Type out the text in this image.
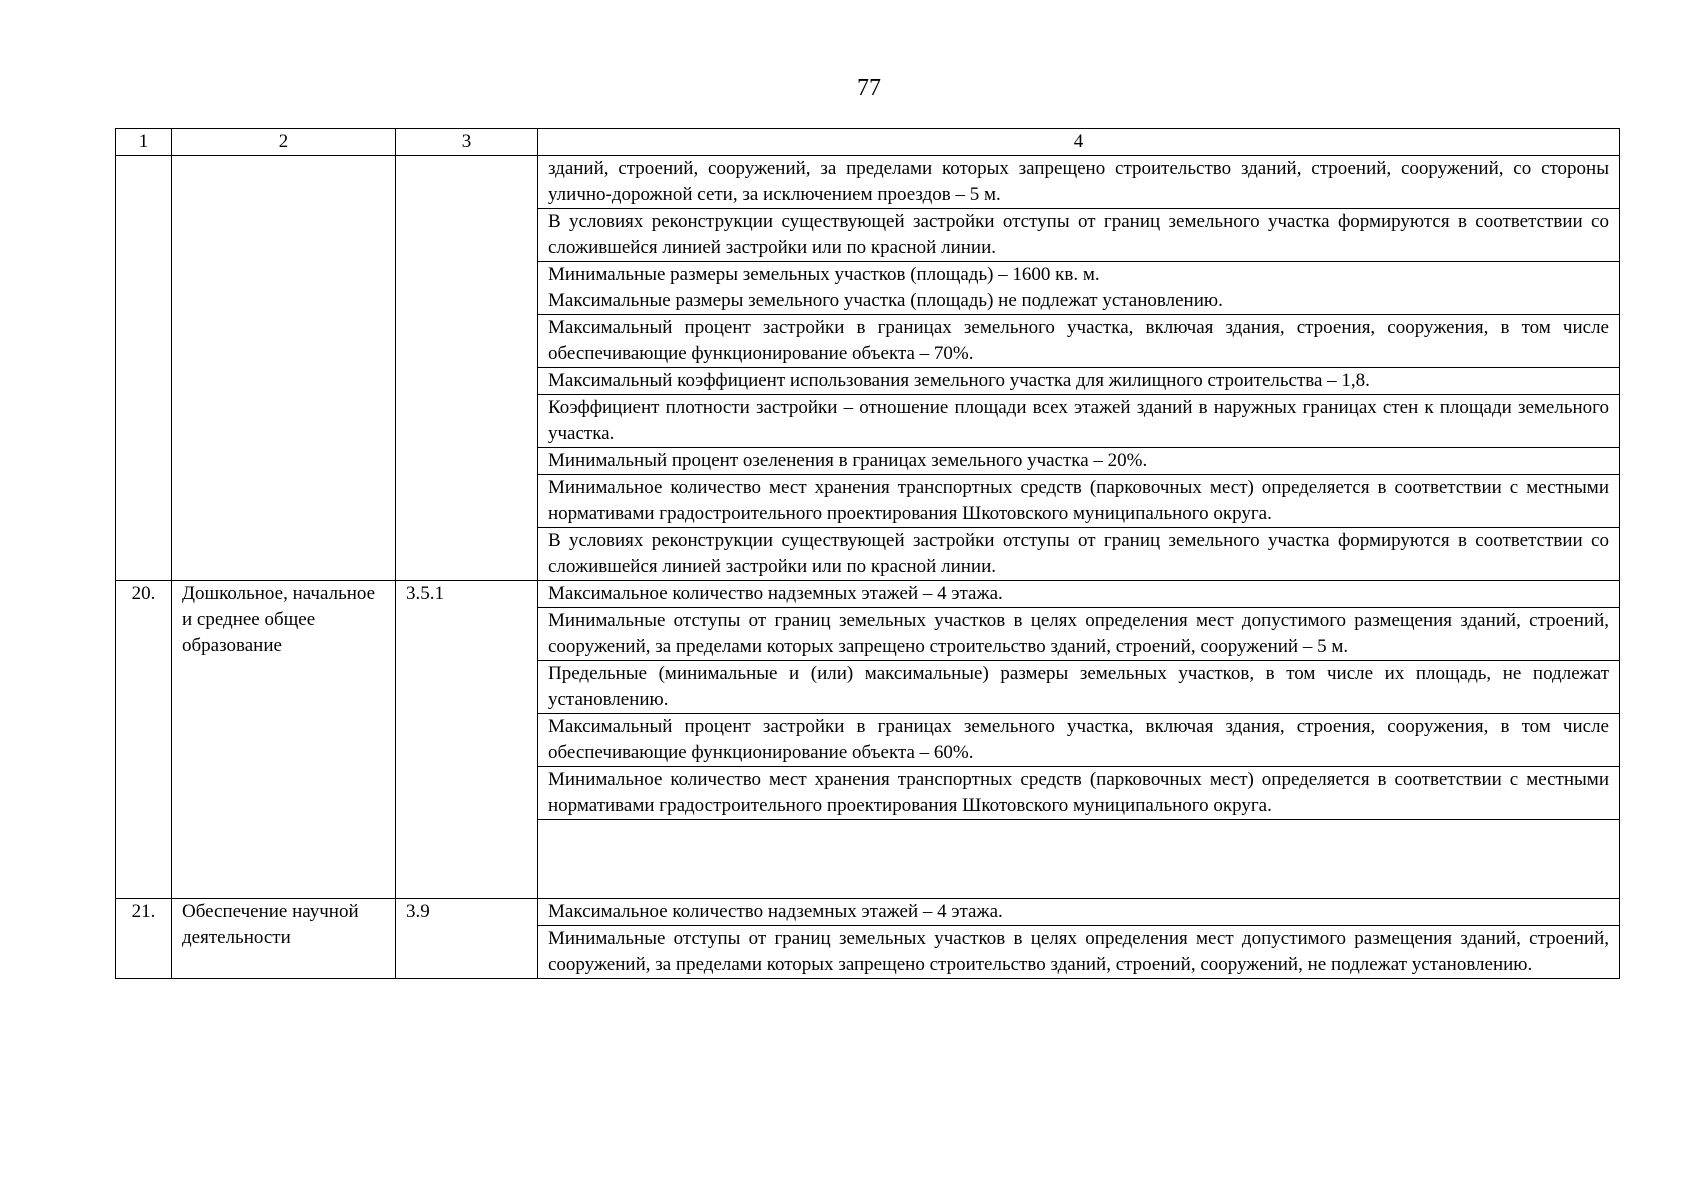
77
1	2	3	4
			зданий, строений, сооружений, за пределами которых запрещено строительство зданий, строений, сооружений, со стороны улично-дорожной сети, за исключением проездов – 5 м.
			В условиях реконструкции существующей застройки отступы от границ земельного участка формируются в соответствии со сложившейся линией застройки или по красной линии.
			Минимальные размеры земельных участков (площадь) – 1600 кв. м.
Максимальные размеры земельного участка (площадь) не подлежат установлению.
			Максимальный процент застройки в границах земельного участка, включая здания, строения, сооружения, в том числе обеспечивающие функционирование объекта – 70%.
			Максимальный коэффициент использования земельного участка для жилищного строительства – 1,8.
			Коэффициент плотности застройки – отношение площади всех этажей зданий в наружных границах стен к площади земельного участка.
			Минимальный процент озеленения в границах земельного участка – 20%.
			Минимальное количество мест хранения транспортных средств (парковочных мест) определяется в соответствии с местными нормативами градостроительного проектирования Шкотовского муниципального округа.
			В условиях реконструкции существующей застройки отступы от границ земельного участка формируются в соответствии со сложившейся линией застройки или по красной линии.
20.	Дошкольное, начальное и среднее общее образование	3.5.1	Максимальное количество надземных этажей – 4 этажа.
			Минимальные отступы от границ земельных участков в целях определения мест допустимого размещения зданий, строений, сооружений, за пределами которых запрещено строительство зданий, строений, сооружений – 5 м.
			Предельные (минимальные и (или) максимальные) размеры земельных участков, в том числе их площадь, не подлежат установлению.
			Максимальный процент застройки в границах земельного участка, включая здания, строения, сооружения, в том числе обеспечивающие функционирование объекта – 60%.
			Минимальное количество мест хранения транспортных средств (парковочных мест) определяется в соответствии с местными нормативами градостроительного проектирования Шкотовского муниципального округа.

21.	Обеспечение научной деятельности	3.9	Максимальное количество надземных этажей – 4 этажа.
			Минимальные отступы от границ земельных участков в целях определения мест допустимого размещения зданий, строений, сооружений, за пределами которых запрещено строительство зданий, строений, сооружений, не подлежат установлению.
